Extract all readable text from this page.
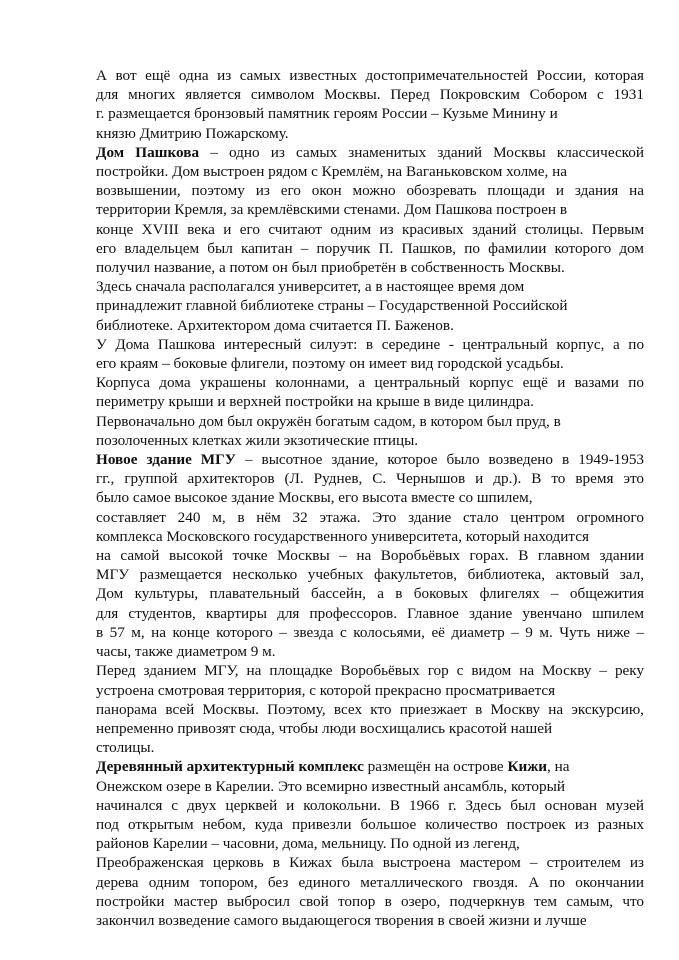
А вот ещё одна из самых известных достопримечательностей России, которая
для многих является символом Москвы. Перед Покровским Собором с 1931
г. размещается бронзовый памятник героям России – Кузьме Минину и
князю Дмитрию Пожарскому.
Дом Пашкова – одно из самых знаменитых зданий Москвы классической
постройки. Дом выстроен рядом с Кремлём, на Ваганьковском холме, на
возвышении, поэтому из его окон можно обозревать площади и здания на
территории Кремля, за кремлёвскими стенами. Дом Пашкова построен в
конце XVIII века и его считают одним из красивых зданий столицы. Первым
его владельцем был капитан – поручик П. Пашков, по фамилии которого дом
получил название, а потом он был приобретён в собственность Москвы.
Здесь сначала располагался университет, а в настоящее время дом
принадлежит главной библиотеке страны – Государственной Российской
библиотеке. Архитектором дома считается П. Баженов.
У Дома Пашкова интересный силуэт: в середине - центральный корпус, а по
его краям – боковые флигели, поэтому он имеет вид городской усадьбы.
Корпуса дома украшены колоннами, а центральный корпус ещё и вазами по
периметру крыши и верхней постройки на крыше в виде цилиндра.
Первоначально дом был окружён богатым садом, в котором был пруд, в
позолоченных клетках жили экзотические птицы.
Новое здание МГУ – высотное здание, которое было возведено в 1949-1953
гг., группой архитекторов (Л. Руднев, С. Чернышов и др.). В то время это
было самое высокое здание Москвы, его высота вместе со шпилем,
составляет 240 м, в нём 32 этажа. Это здание стало центром огромного
комплекса Московского государственного университета, который находится
на самой высокой точке Москвы – на Воробьёвых горах. В главном здании
МГУ размещается несколько учебных факультетов, библиотека, актовый зал,
Дом культуры, плавательный бассейн, а в боковых флигелях – общежития
для студентов, квартиры для профессоров. Главное здание увенчано шпилем
в 57 м, на конце которого – звезда с колосьями, её диаметр – 9 м. Чуть ниже –
часы, также диаметром 9 м.
Перед зданием МГУ, на площадке Воробьёвых гор с видом на Москву – реку
устроена смотровая территория, с которой прекрасно просматривается
панорама всей Москвы. Поэтому, всех кто приезжает в Москву на экскурсию,
непременно привозят сюда, чтобы люди восхищались красотой нашей
столицы.
Деревянный архитектурный комплекс размещён на острове Кижи, на
Онежском озере в Карелии. Это всемирно известный ансамбль, который
начинался с двух церквей и колокольни. В 1966 г. Здесь был основан музей
под открытым небом, куда привезли большое количество построек из разных
районов Карелии – часовни, дома, мельницу. По одной из легенд,
Преображенская церковь в Кижах была выстроена мастером – строителем из
дерева одним топором, без единого металлического гвоздя. А по окончании
постройки мастер выбросил свой топор в озеро, подчеркнув тем самым, что
закончил возведение самого выдающегося творения в своей жизни и лучше
